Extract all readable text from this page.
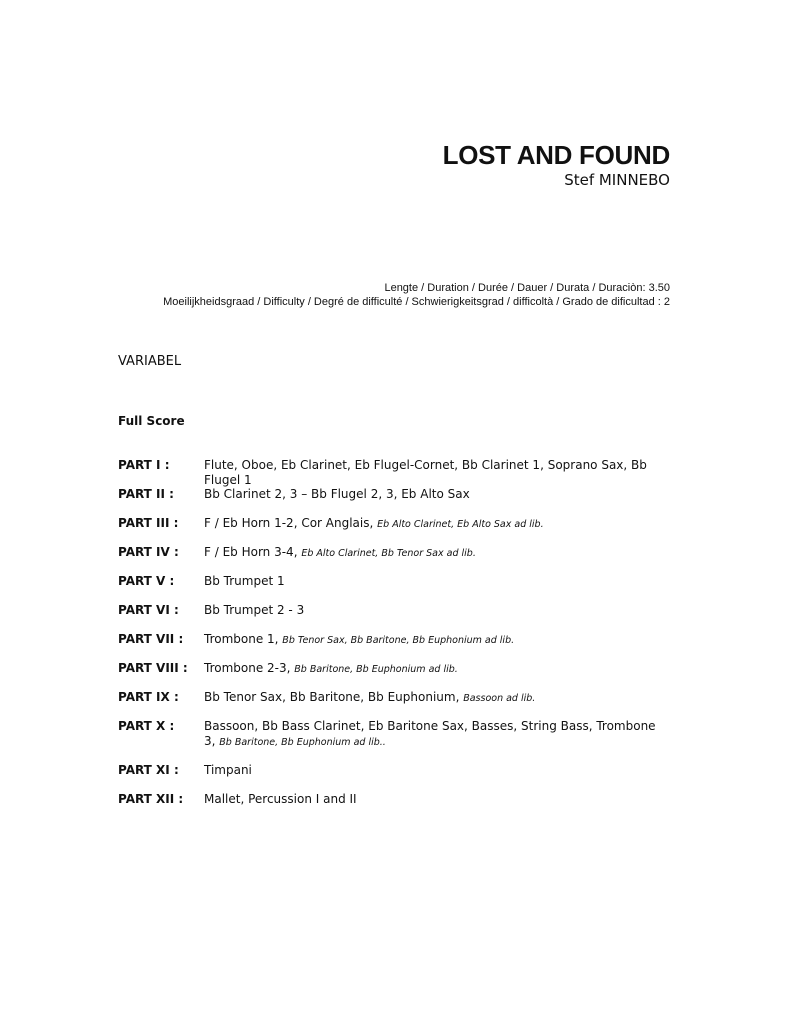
LOST AND FOUND
Stef MINNEBO
Lengte / Duration / Durée / Dauer / Durata / Duraciòn: 3.50
Moeilijkheidsgraad / Difficulty / Degré de difficulté / Schwierigkeitsgrad / difficoltà / Grado de dificultad : 2
VARIABEL
Full Score
PART I :	Flute, Oboe, Eb Clarinet, Eb Flugel-Cornet, Bb Clarinet 1, Soprano Sax, Bb Flugel 1
PART II :	Bb Clarinet 2, 3 – Bb Flugel 2, 3, Eb Alto Sax
PART III :	F / Eb Horn 1-2, Cor Anglais, Eb Alto Clarinet, Eb Alto Sax ad lib.
PART IV :	F / Eb Horn 3-4, Eb Alto Clarinet, Bb Tenor Sax ad lib.
PART V :	Bb Trumpet 1
PART VI :	Bb Trumpet 2 - 3
PART VII :	Trombone 1, Bb Tenor Sax, Bb Baritone, Bb Euphonium ad lib.
PART VIII :	Trombone 2-3, Bb Baritone, Bb Euphonium ad lib.
PART IX :	Bb Tenor Sax, Bb Baritone, Bb Euphonium, Bassoon ad lib.
PART X :	Bassoon, Bb Bass Clarinet, Eb Baritone Sax, Basses, String Bass, Trombone 3, Bb Baritone, Bb Euphonium ad lib..
PART XI :	Timpani
PART XII :	Mallet, Percussion I and II
